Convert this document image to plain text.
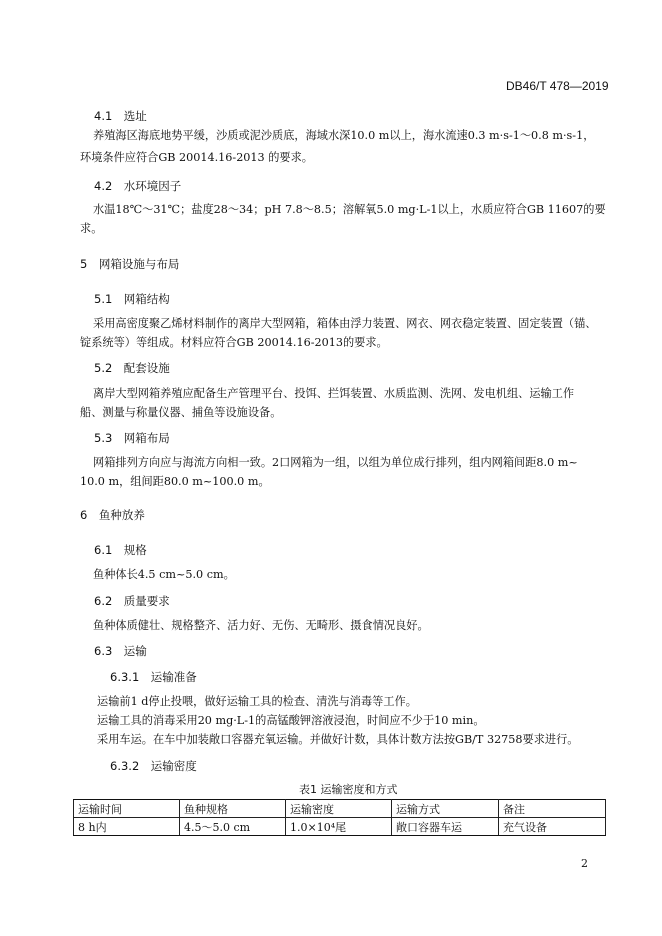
DB46/T 478—2019
4.1　选址
养殖海区海底地势平缓，沙质或泥沙质底，海域水深10.0 m以上，海水流速0.3 m·s-1～0.8 m·s-1，
环境条件应符合GB 20014.16-2013 的要求。
4.2　水环境因子
水温18℃～31℃；盐度28～34；pH 7.8～8.5；溶解氧5.0 mg·L-1以上，水质应符合GB 11607的要
求。
5　网箱设施与布局
5.1　网箱结构
采用高密度聚乙烯材料制作的离岸大型网箱，箱体由浮力装置、网衣、网衣稳定装置、固定装置（锚、
锭系统等）等组成。材料应符合GB 20014.16-2013的要求。
5.2　配套设施
离岸大型网箱养殖应配备生产管理平台、投饵、拦饵装置、水质监测、洗网、发电机组、运输工作
船、测量与称量仪器、捕鱼等设施设备。
5.3　网箱布局
网箱排列方向应与海流方向相一致。2口网箱为一组，以组为单位成行排列，组内网箱间距8.0 m~
10.0 m，组间距80.0 m~100.0 m。
6　鱼种放养
6.1　规格
鱼种体长4.5 cm~5.0 cm。
6.2　质量要求
鱼种体质健壮、规格整齐、活力好、无伤、无畸形、摄食情况良好。
6.3　运输
6.3.1　运输准备
运输前1 d停止投喂，做好运输工具的检查、清洗与消毒等工作。
运输工具的消毒采用20 mg·L-1的高锰酸钾溶液浸泡，时间应不少于10 min。
采用车运。在车中加装敞口容器充氧运输。并做好计数，具体计数方法按GB/T 32758要求进行。
6.3.2　运输密度
表1 运输密度和方式
运输时间	鱼种规格	运输密度	运输方式	备注
8 h内	4.5～5.0 cm	1.0×10⁴尾	敞口容器车运	充气设备
2
